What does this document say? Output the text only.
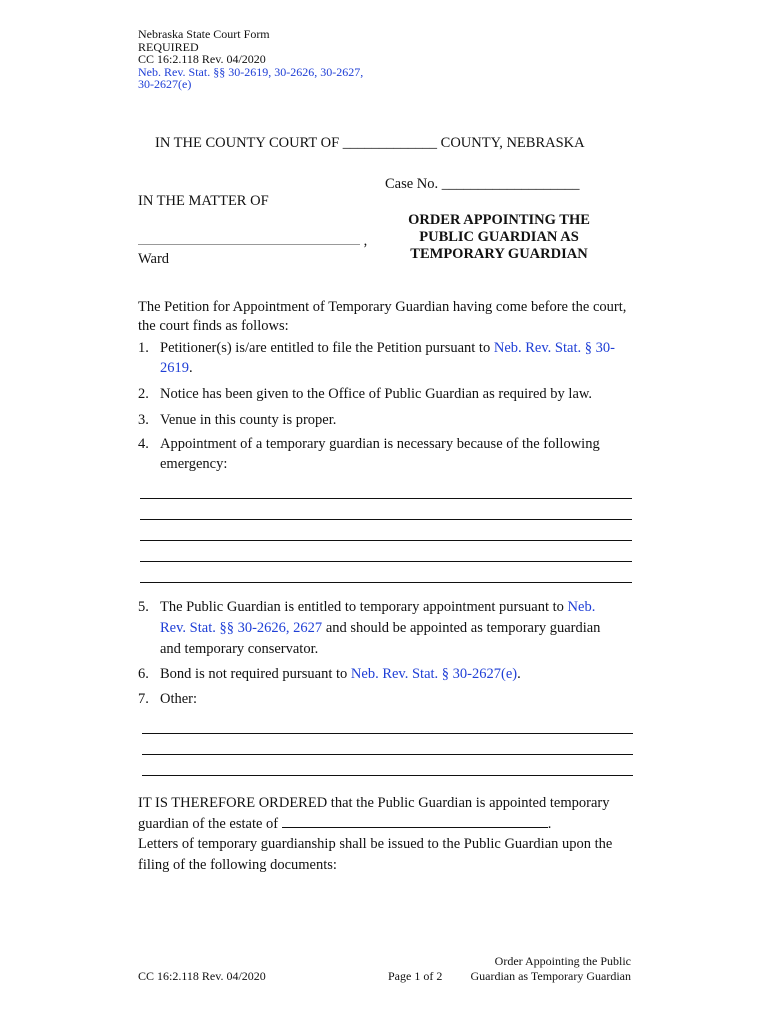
Nebraska State Court Form
REQUIRED
CC 16:2.118 Rev. 04/2020
Neb. Rev. Stat. §§ 30-2619, 30-2626, 30-2627,
30-2627(e)
IN THE COUNTY COURT OF _____________ COUNTY, NEBRASKA
Case No. ___________________
IN THE MATTER OF
ORDER APPOINTING THE
PUBLIC GUARDIAN AS
TEMPORARY GUARDIAN
,
Ward
The Petition for Appointment of Temporary Guardian having come before the court, the court finds as follows:
1. Petitioner(s) is/are entitled to file the Petition pursuant to Neb. Rev. Stat. § 30-2619.
2. Notice has been given to the Office of Public Guardian as required by law.
3. Venue in this county is proper.
4. Appointment of a temporary guardian is necessary because of the following emergency:
5. The Public Guardian is entitled to temporary appointment pursuant to Neb. Rev. Stat. §§ 30-2626, 2627 and should be appointed as temporary guardian and temporary conservator.
6. Bond is not required pursuant to Neb. Rev. Stat. § 30-2627(e).
7. Other:
IT IS THEREFORE ORDERED that the Public Guardian is appointed temporary guardian of the estate of	.
Letters of temporary guardianship shall be issued to the Public Guardian upon the filing of the following documents:
CC 16:2.118 Rev. 04/2020	Page 1 of 2
Order Appointing the Public
Guardian as Temporary Guardian
